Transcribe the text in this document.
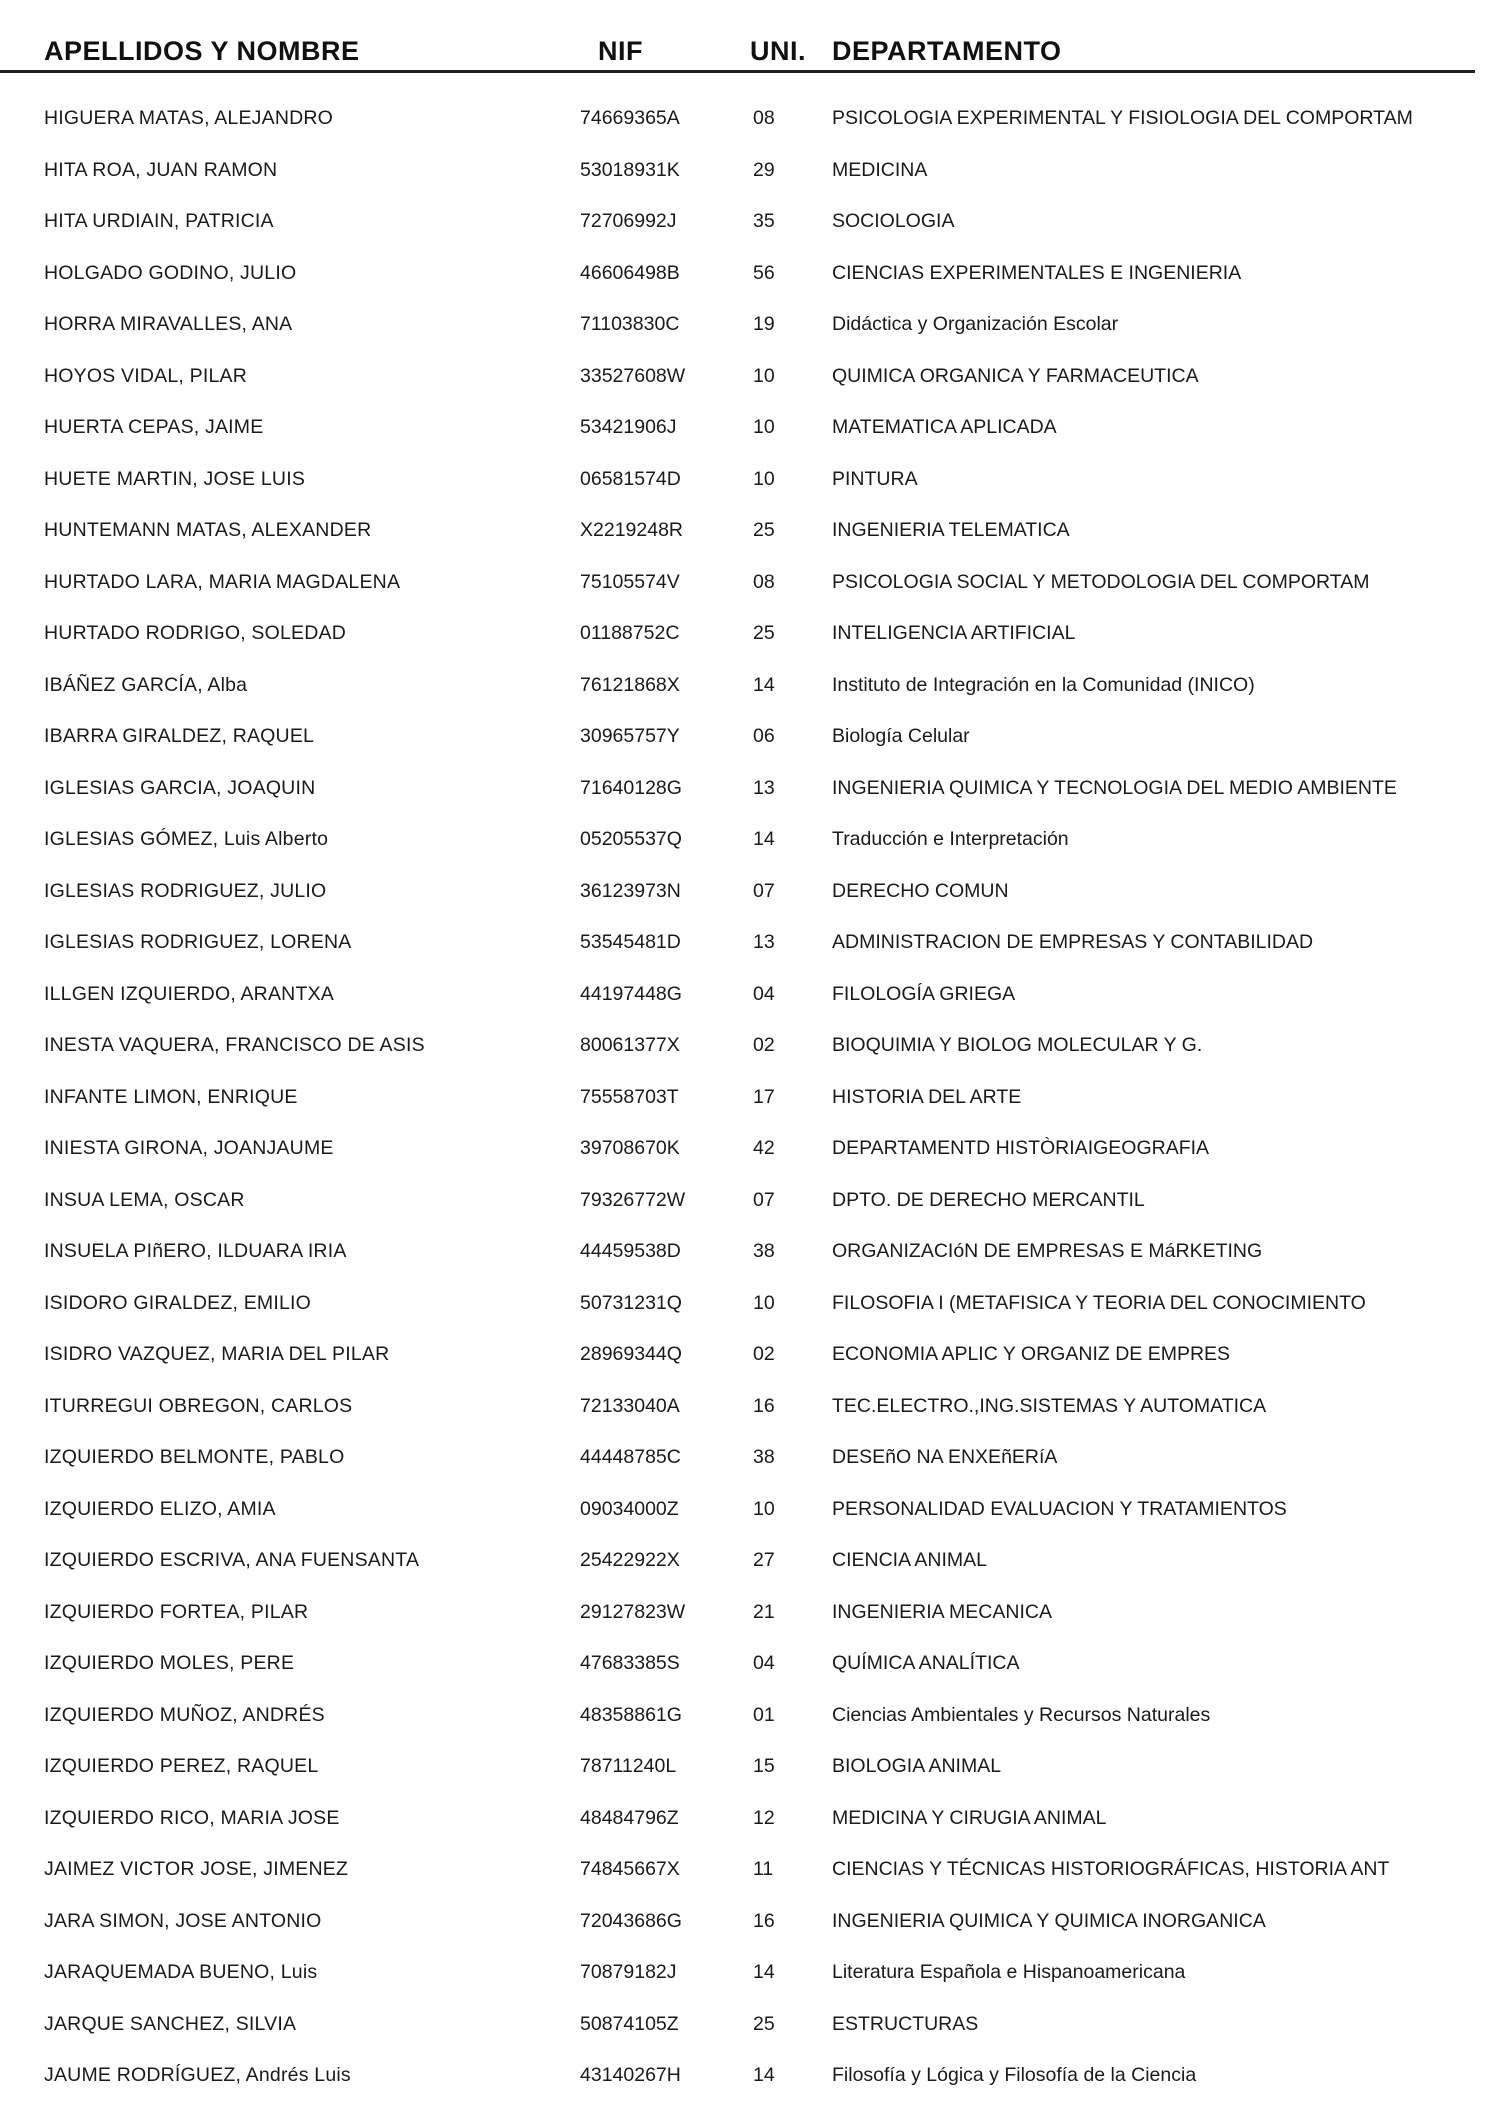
APELLIDOS Y NOMBRE	NIF	UNI. DEPARTAMENTO
HIGUERA MATAS, ALEJANDRO	74669365A	08	PSICOLOGIA EXPERIMENTAL Y FISIOLOGIA DEL COMPORTAM
HITA ROA, JUAN RAMON	53018931K	29	MEDICINA
HITA URDIAIN, PATRICIA	72706992J	35	SOCIOLOGIA
HOLGADO GODINO, JULIO	46606498B	56	CIENCIAS EXPERIMENTALES E INGENIERIA
HORRA MIRAVALLES, ANA	71103830C	19	Didáctica y Organización Escolar
HOYOS VIDAL, PILAR	33527608W	10	QUIMICA ORGANICA Y FARMACEUTICA
HUERTA CEPAS, JAIME	53421906J	10	MATEMATICA APLICADA
HUETE MARTIN, JOSE LUIS	06581574D	10	PINTURA
HUNTEMANN MATAS, ALEXANDER	X2219248R	25	INGENIERIA TELEMATICA
HURTADO LARA, MARIA MAGDALENA	75105574V	08	PSICOLOGIA SOCIAL Y METODOLOGIA DEL COMPORTAM
HURTADO RODRIGO, SOLEDAD	01188752C	25	INTELIGENCIA ARTIFICIAL
IBÁÑEZ GARCÍA, Alba	76121868X	14	Instituto de Integración en la Comunidad (INICO)
IBARRA GIRALDEZ, RAQUEL	30965757Y	06	Biología Celular
IGLESIAS GARCIA, JOAQUIN	71640128G	13	INGENIERIA QUIMICA Y TECNOLOGIA DEL MEDIO AMBIENTE
IGLESIAS GÓMEZ, Luis Alberto	05205537Q	14	Traducción e Interpretación
IGLESIAS RODRIGUEZ, JULIO	36123973N	07	DERECHO COMUN
IGLESIAS RODRIGUEZ, LORENA	53545481D	13	ADMINISTRACION DE EMPRESAS Y CONTABILIDAD
ILLGEN IZQUIERDO, ARANTXA	44197448G	04	FILOLOGÍA GRIEGA
INESTA VAQUERA, FRANCISCO DE ASIS	80061377X	02	BIOQUIMIA Y BIOLOG MOLECULAR Y G.
INFANTE LIMON, ENRIQUE	75558703T	17	HISTORIA DEL ARTE
INIESTA GIRONA, JOANJAUME	39708670K	42	DEPARTAMENTD HISTÒRIAIGEOGRAFIA
INSUA LEMA, OSCAR	79326772W	07	DPTO. DE DERECHO MERCANTIL
INSUELA PIñERO, ILDUARA IRIA	44459538D	38	ORGANIZACIóN DE EMPRESAS E MáRKETING
ISIDORO GIRALDEZ, EMILIO	50731231Q	10	FILOSOFIA I (METAFISICA Y TEORIA DEL CONOCIMIENTO
ISIDRO VAZQUEZ, MARIA DEL PILAR	28969344Q	02	ECONOMIA APLIC Y ORGANIZ DE EMPRES
ITURREGUI OBREGON, CARLOS	72133040A	16	TEC.ELECTRO.,ING.SISTEMAS Y AUTOMATICA
IZQUIERDO BELMONTE, PABLO	44448785C	38	DESEñO NA ENXEñERíA
IZQUIERDO ELIZO, AMIA	09034000Z	10	PERSONALIDAD EVALUACION Y TRATAMIENTOS
IZQUIERDO ESCRIVA, ANA FUENSANTA	25422922X	27	CIENCIA ANIMAL
IZQUIERDO FORTEA, PILAR	29127823W	21	INGENIERIA MECANICA
IZQUIERDO MOLES, PERE	47683385S	04	QUÍMICA ANALÍTICA
IZQUIERDO MUÑOZ, ANDRÉS	48358861G	01	Ciencias Ambientales y Recursos Naturales
IZQUIERDO PEREZ, RAQUEL	78711240L	15	BIOLOGIA ANIMAL
IZQUIERDO RICO, MARIA JOSE	48484796Z	12	MEDICINA Y CIRUGIA ANIMAL
JAIMEZ VICTOR JOSE, JIMENEZ	74845667X	11	CIENCIAS Y TÉCNICAS HISTORIOGRÁFICAS, HISTORIA ANT
JARA SIMON, JOSE ANTONIO	72043686G	16	INGENIERIA QUIMICA Y QUIMICA INORGANICA
JARAQUEMADA BUENO, Luis	70879182J	14	Literatura Española e Hispanoamericana
JARQUE SANCHEZ, SILVIA	50874105Z	25	ESTRUCTURAS
JAUME RODRÍGUEZ, Andrés Luis	43140267H	14	Filosofía y Lógica y Filosofía de la Ciencia
